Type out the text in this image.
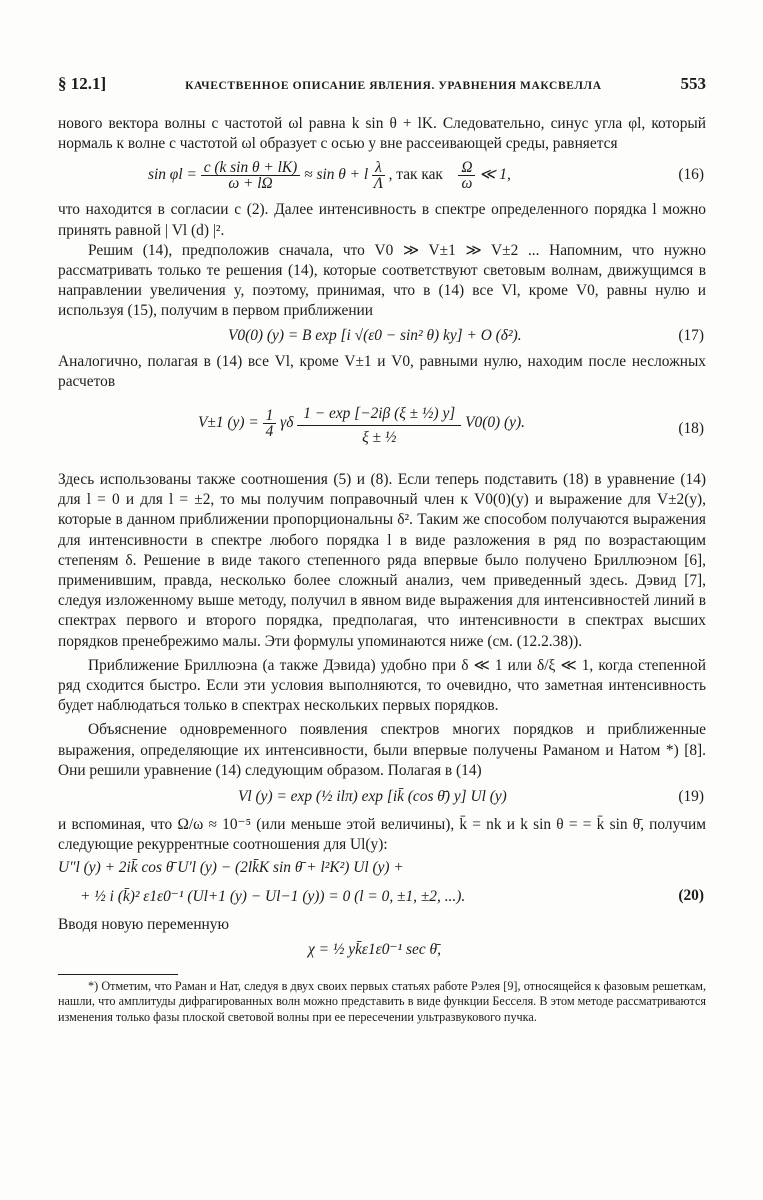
§ 12.1]	КАЧЕСТВЕННОЕ ОПИСАНИЕ ЯВЛЕНИЯ. УРАВНЕНИЯ МАКСВЕЛЛА	553

нового вектора волны с частотой ωl равна k sin θ + lK. Следовательно, синус угла φl, который нормаль к волне с частотой ωl образует с осью y вне рассеивающей среды, равняется

$\sin \varphi l = \frac{\text{c (k sin θ + lK)}}{\omega + l\Omega} \approx \sin \theta + l \frac{\lambda}{\Lambda}$ , так как $\frac{\Omega}{\omega}$ ≪ 1,	(16)

что находится в согласии с (2). Далее интенсивность в спектре определенного порядка l можно принять равной | Vl (d) |².

Решим (14), предположив сначала, что V0 ≫ V±1 ≫ V±2 ... Напомним, что нужно рассматривать только те решения (14), которые соответствуют световым волнам, движущимся в направлении увеличения y, поэтому, принимая, что в (14) все Vl, кроме V0, равны нулю и используя (15), получим в первом приближении

V0(0) (y) = B exp [i √(ε0 − sin² θ) ky] + O (δ²).	(17)

Аналогично, полагая в (14) все Vl, кроме V±1 и V0, равными нулю, находим после несложных расчетов

V±1 $(y) = \frac{1}{4}$ γδ $\frac{\text{1 − exp [−2iβ (ξ ± ½) y]}}{\text{ξ ± ½}} V0(0)$ (y).	(18)

Здесь использованы также соотношения (5) и (8). Если теперь подставить (18) в уравнение (14) для l = 0 и для l = ±2, то мы получим поправочный член к V0(0)(y) и выражение для V±2(y), которые в данном приближении пропорциональны δ². Таким же способом получаются выражения для интенсивности в спектре любого порядка l в виде разложения в ряд по возрастающим степеням δ. Решение в виде такого степенного ряда впервые было получено Бриллюэном [6], применившим, правда, несколько более сложный анализ, чем приведенный здесь. Дэвид [7], следуя изложенному выше методу, получил в явном виде выражения для интенсивностей линий в спектрах первого и второго порядка, предполагая, что интенсивности в спектрах высших порядков пренебрежимо малы. Эти формулы упоминаются ниже (см. (12.2.38)).

Приближение Бриллюэна (а также Дэвида) удобно при δ ≪ 1 или δ/ξ ≪ 1, когда степенной ряд сходится быстро. Если эти условия выполняются, то очевидно, что заметная интенсивность будет наблюдаться только в спектрах нескольких первых порядков.

Объяснение одновременного появления спектров многих порядков и приближенные выражения, определяющие их интенсивности, были впервые получены Раманом и Натом *) [8]. Они решили уравнение (14) следующим образом. Полагая в (14)

Vl (y) = exp (½ ilπ) exp [ik̄ (cos θ̄) y] Ul (y)	(19)

и вспоминая, что Ω/ω ≈ 10⁻⁵ (или меньше этой величины), k̄ = nk и k sin θ = = k̄ sin θ̄, получим следующие рекуррентные соотношения для Ul(y):

U″l (y) + 2ik̄ cos θ̄ U′l (y) − (2lk̄K sin θ̄ + l²K²) Ul (y) +
+ ½ i (k̄)² ε1ε0⁻¹ (Ul+1 (y) − Ul−1 (y)) = 0 (l = 0, ±1, ±2, ...).	(20)

Вводя новую переменную

χ = ½ yk̄ε1ε0⁻¹ sec θ̄,

*) Отметим, что Раман и Нат, следуя в двух своих первых статьях работе Рэлея [9], относящейся к фазовым решеткам, нашли, что амплитуды дифрагированных волн можно представить в виде функции Бесселя. В этом методе рассматриваются изменения только фазы плоской световой волны при ее пересечении ультразвукового пучка.
